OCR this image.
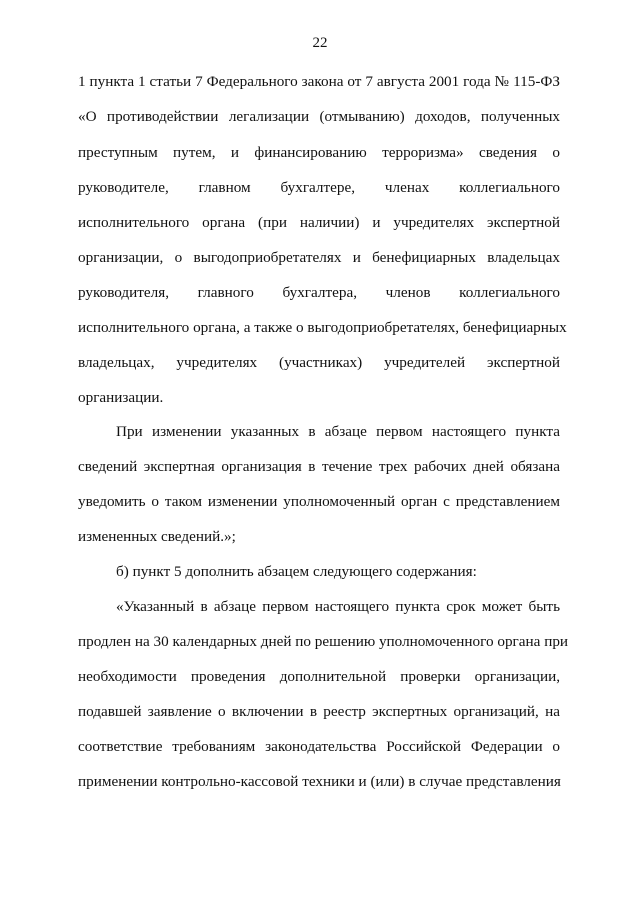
22
1 пункта 1 статьи 7 Федерального закона от 7 августа 2001 года № 115-ФЗ
«О противодействии легализации (отмыванию) доходов, полученных
преступным путем, и финансированию терроризма» сведения о
руководителе, главном бухгалтере, членах коллегиального
исполнительного органа (при наличии) и учредителях экспертной
организации, о выгодоприобретателях и бенефициарных владельцах
руководителя, главного бухгалтера, членов коллегиального
исполнительного органа, а также о выгодоприобретателях, бенефициарных
владельцах, учредителях (участниках) учредителей экспертной
организации.
При изменении указанных в абзаце первом настоящего пункта
сведений экспертная организация в течение трех рабочих дней обязана
уведомить о таком изменении уполномоченный орган с представлением
измененных сведений.»;
б) пункт 5 дополнить абзацем следующего содержания:
«Указанный в абзаце первом настоящего пункта срок может быть
продлен на 30 календарных дней по решению уполномоченного органа при
необходимости проведения дополнительной проверки организации,
подавшей заявление о включении в реестр экспертных организаций, на
соответствие требованиям законодательства Российской Федерации о
применении контрольно-кассовой техники и (или) в случае представления
